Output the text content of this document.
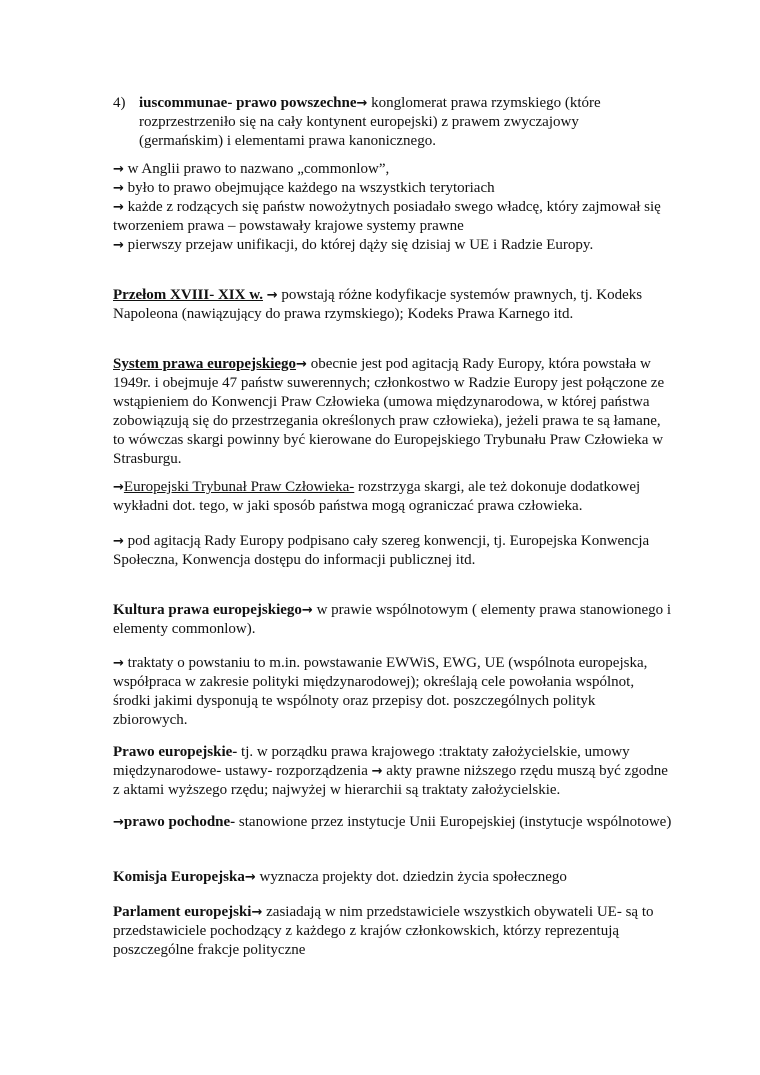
4) iuscommunae- prawo powszechne→ konglomerat prawa rzymskiego (które rozprzestrzeniło się na cały kontynent europejski) z prawem zwyczajowy (germańskim) i elementami prawa kanonicznego.
→ w Anglii prawo to nazwano „commonlow”,
→ było to prawo obejmujące każdego na wszystkich terytoriach
→ każde z rodzących się państw nowożytnych posiadało swego władcę, który zajmował się tworzeniem prawa – powstawały krajowe systemy prawne
→ pierwszy przejaw unifikacji, do której dąży się dzisiaj w UE i Radzie Europy.
Przełom XVIII- XIX w. → powstają różne kodyfikacje systemów prawnych, tj. Kodeks Napoleona (nawiązujący do prawa rzymskiego); Kodeks Prawa Karnego itd.
System prawa europejskiego→ obecnie jest pod agitacją Rady Europy, która powstała w 1949r. i obejmuje 47 państw suwerennych; członkostwo w Radzie Europy jest połączone ze wstąpieniem do Konwencji Praw Człowieka (umowa międzynarodowa, w której państwa zobowiązują się do przestrzegania określonych praw człowieka), jeżeli prawa te są łamane, to wówczas skargi powinny być kierowane do Europejskiego Trybunału Praw Człowieka w Strasburgu.
→Europejski Trybunał Praw Człowieka- rozstrzyga skargi, ale też dokonuje dodatkowej wykładni dot. tego, w jaki sposób państwa mogą ograniczać prawa człowieka.
→ pod agitacją Rady Europy podpisano cały szereg konwencji, tj. Europejska Konwencja Społeczna, Konwencja dostępu do informacji publicznej itd.
Kultura prawa europejskiego→ w prawie wspólnotowym ( elementy prawa stanowionego i elementy commonlow).
→ traktaty o powstaniu to m.in. powstawanie EWWiS, EWG, UE (wspólnota europejska, współpraca w zakresie polityki międzynarodowej); określają cele powołania wspólnot, środki jakimi dysponują te wspólnoty oraz przepisy dot. poszczególnych polityk zbiorowych.
Prawo europejskie- tj. w porządku prawa krajowego :traktaty założycielskie, umowy międzynarodowe- ustawy- rozporządzenia → akty prawne niższego rzędu muszą być zgodne z aktami wyższego rzędu; najwyżej w hierarchii są traktaty założycielskie.
→prawo pochodne- stanowione przez instytucje Unii Europejskiej (instytucje wspólnotowe)
Komisja Europejska→ wyznacza projekty dot. dziedzin życia społecznego
Parlament europejski→ zasiadają w nim przedstawiciele wszystkich obywateli UE- są to przedstawiciele pochodzący z każdego z krajów członkowskich, którzy reprezentują poszczególne frakcje polityczne
